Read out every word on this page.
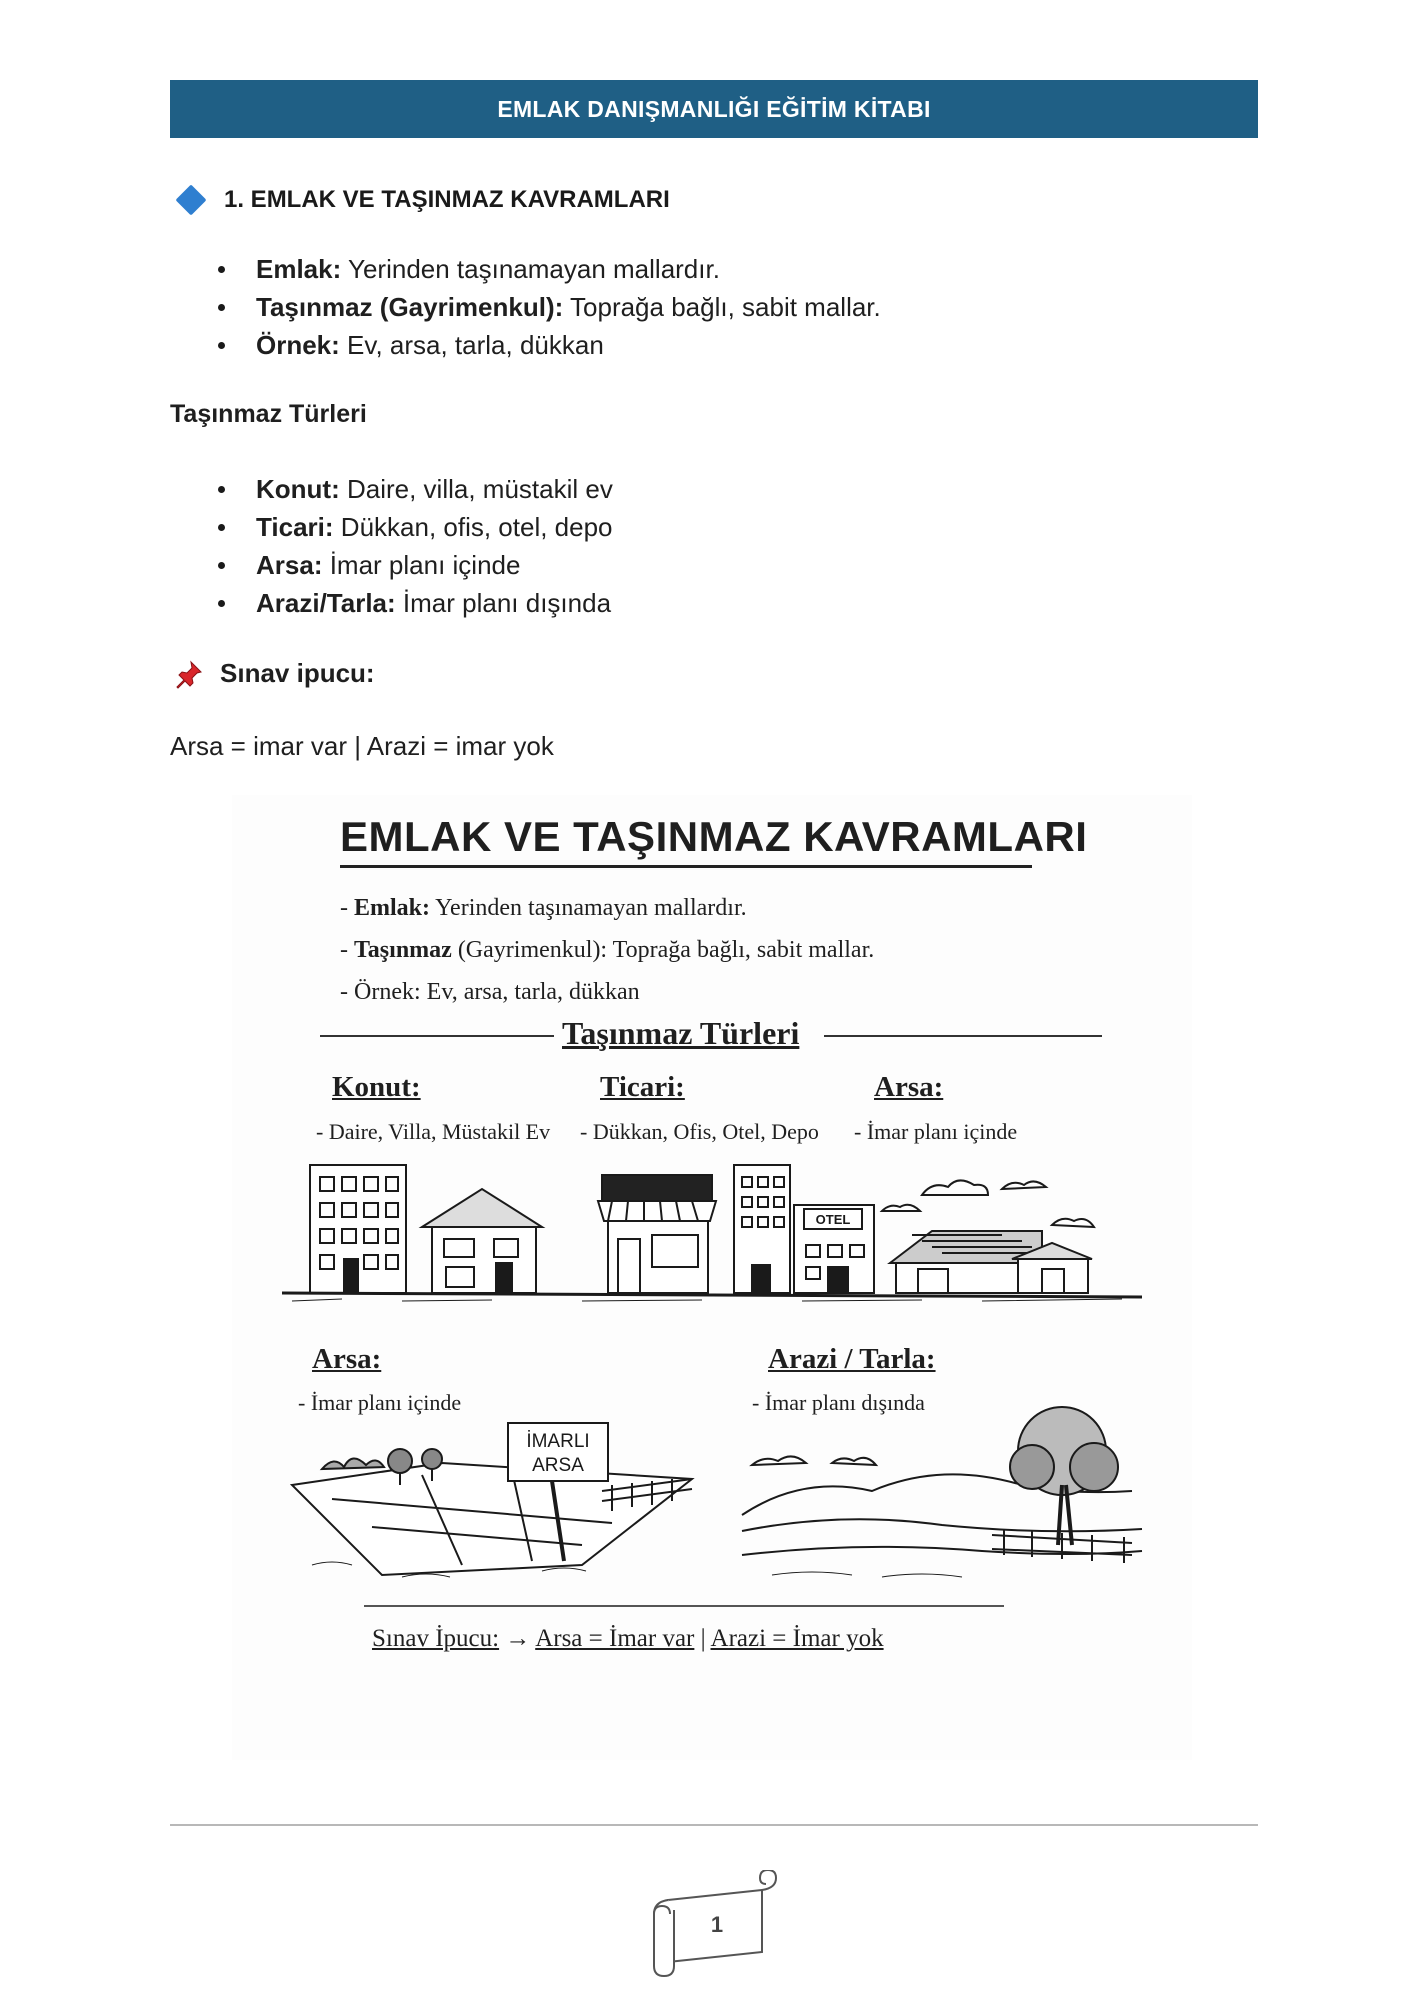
EMLAK DANIŞMANLIĞI EĞİTİM KİTABI
1. EMLAK VE TAŞINMAZ KAVRAMLARI
Emlak: Yerinden taşınamayan mallardır.
Taşınmaz (Gayrimenkul): Toprağa bağlı, sabit mallar.
Örnek: Ev, arsa, tarla, dükkan
Taşınmaz Türleri
Konut: Daire, villa, müstakil ev
Ticari: Dükkan, ofis, otel, depo
Arsa: İmar planı içinde
Arazi/Tarla: İmar planı dışında
Sınav ipucu:
Arsa = imar var | Arazi = imar yok
EMLAK VE TAŞINMAZ KAVRAMLARI
- Emlak: Yerinden taşınamayan mallardır.
- Taşınmaz (Gayrimenkul): Toprağa bağlı, sabit mallar.
- Örnek: Ev, arsa, tarla, dükkan
Taşınmaz Türleri
Konut:	Ticari:	Arsa:
- Daire, Villa, Müstakil Ev - Dükkan, Ofis, Otel, Depo - İmar planı içinde
OTEL
Arsa:
- İmar planı içinde
Arazi / Tarla:
- İmar planı dışında
İMARLI
ARSA
Sınav İpucu: → Arsa = İmar var | Arazi = İmar yok
1
